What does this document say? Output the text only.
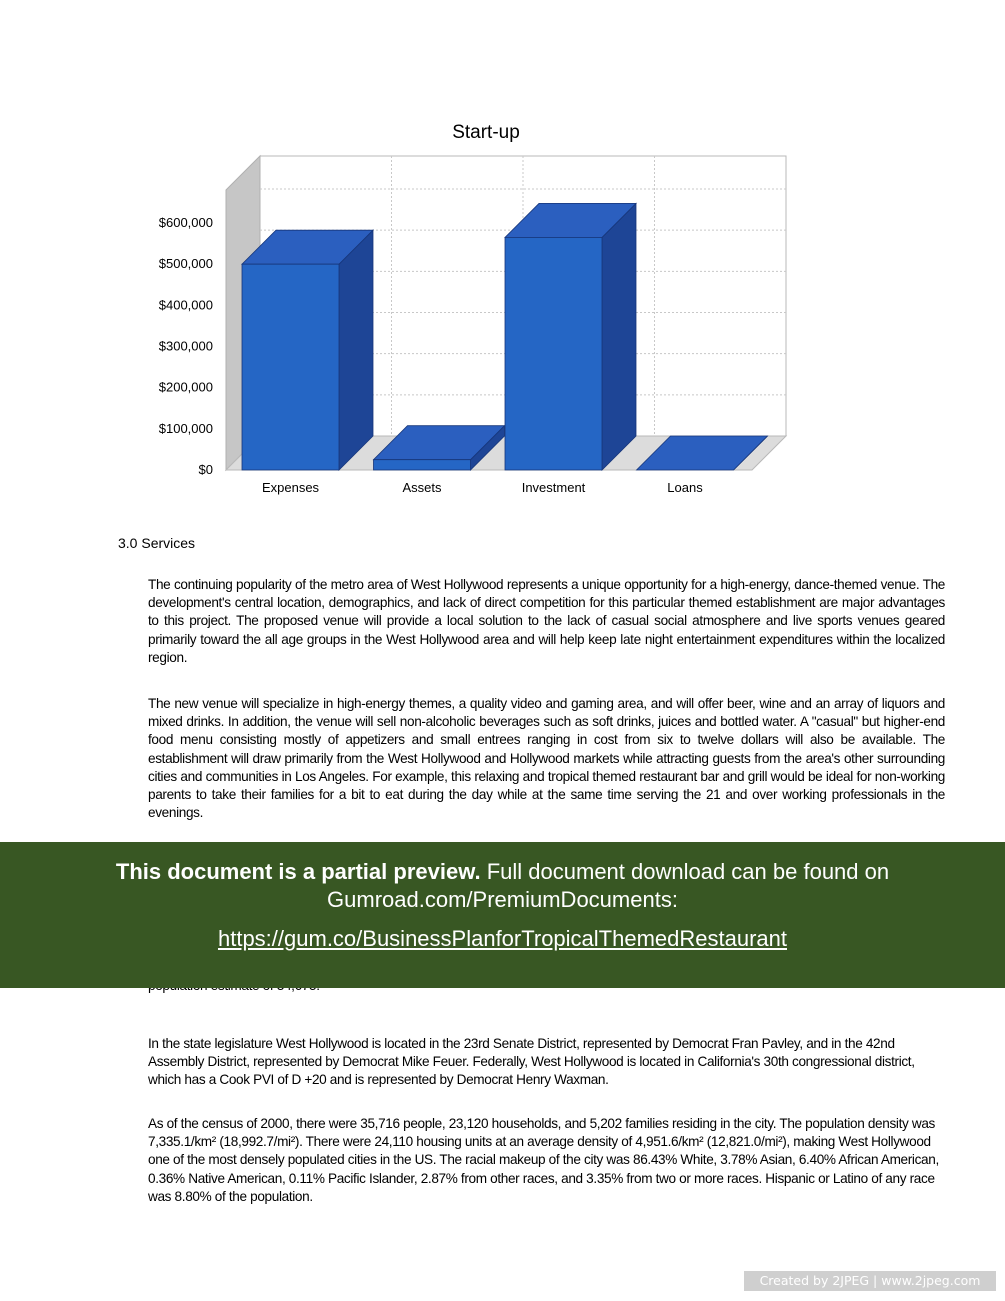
$0
$100,000
$200,000
$300,000
$400,000
$500,000
$600,000
Start-up
Expenses	Assets	Investment	Loans

3.0 Services

The continuing popularity of the metro area of West Hollywood represents a unique opportunity for a high-energy, dance-themed venue. The development's central location, demographics, and lack of direct competition for this particular themed establishment are major advantages to this project. The proposed venue will provide a local solution to the lack of casual social atmosphere and live sports venues geared primarily toward the all age groups in the West Hollywood area and will help keep late night entertainment expenditures within the localized region.

The new venue will specialize in high-energy themes, a quality video and gaming area, and will offer beer, wine and an array of liquors and mixed drinks. In addition, the venue will sell non-alcoholic beverages such as soft drinks, juices and bottled water. A "casual" but higher-end food menu consisting mostly of appetizers and small entrees ranging in cost from six to twelve dollars will also be available. The establishment will draw primarily from the West Hollywood and Hollywood markets while attracting guests from the area's other surrounding cities and communities in Los Angeles. For example, this relaxing and tropical themed restaurant bar and grill would be ideal for non-working parents to take their families for a bit to eat during the day while at the same time serving the 21 and over working professionals in the evenings.

In the state legislature West Hollywood is located in the 23rd Senate District, represented by Democrat Fran Pavley, and in the 42nd Assembly District, represented by Democrat Mike Feuer. Federally, West Hollywood is located in California's 30th congressional district, which has a Cook PVI of D +20 and is represented by Democrat Henry Waxman.

As of the census of 2000, there were 35,716 people, 23,120 households, and 5,202 families residing in the city. The population density was 7,335.1/km² (18,992.7/mi²). There were 24,110 housing units at an average density of 4,951.6/km² (12,821.0/mi²), making West Hollywood one of the most densely populated cities in the US. The racial makeup of the city was 86.43% White, 3.78% Asian, 6.40% African American, 0.36% Native American, 0.11% Pacific Islander, 2.87% from other races, and 3.35% from two or more races. Hispanic or Latino of any race was 8.80% of the population.

This document is a partial preview. Full document download can be found on
Gumroad.com/PremiumDocuments:
https://gum.co/BusinessPlanforTropicalThemedRestaurant
Created by 2JPEG | www.2jpeg.com
